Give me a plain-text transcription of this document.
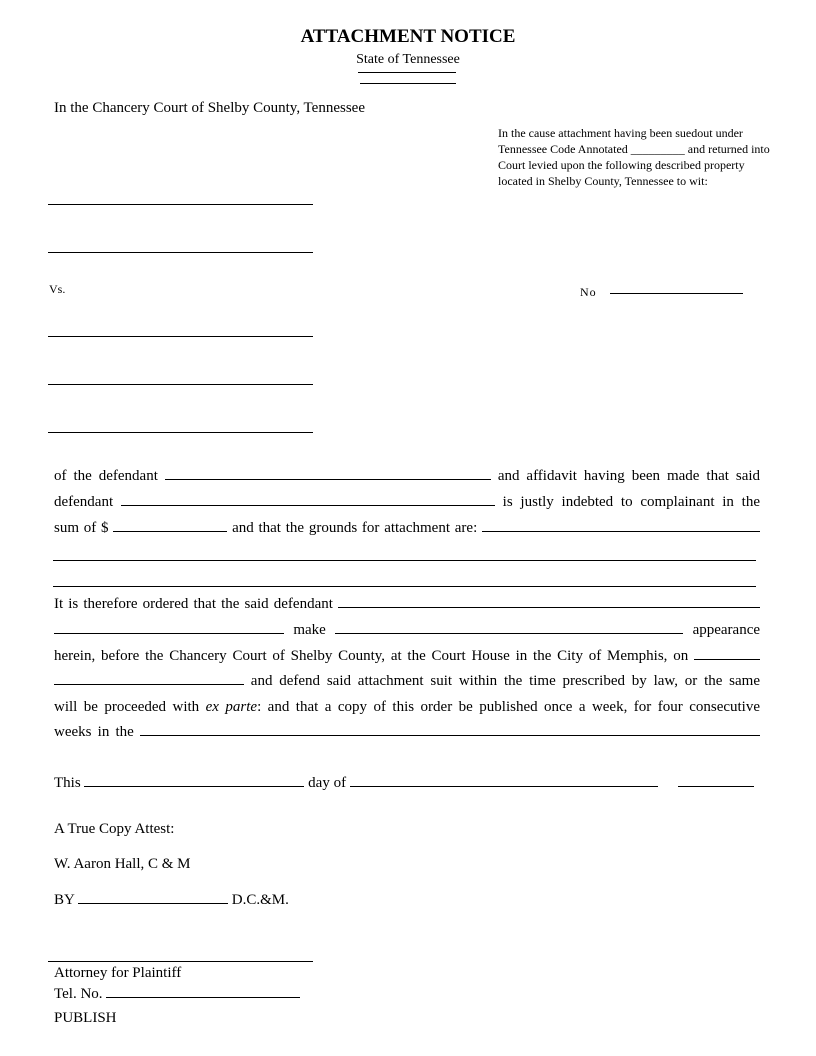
ATTACHMENT NOTICE
State of Tennessee
In the Chancery Court of Shelby County, Tennessee
In the cause attachment having been suedout under Tennessee Code Annotated _________ and returned into Court levied upon the following described property located in Shelby County, Tennessee to wit:
Vs.	No
of the defendant	and affidavit having been made that said
defendant	is justly indebted to complainant in the
sum of $	and that the grounds for attachment are:
It is therefore ordered that the said defendant
make	appearance
herein, before the Chancery Court of Shelby County, at the Court House in the City of Memphis, on
and defend said attachment suit within the time prescribed by law, or the same
will be proceeded with ex parte: and that a copy of this order be published once a week, for four consecutive
weeks in the
This	day of
A True Copy Attest:
W. Aaron Hall, C & M
BY	D.C.&M.
Attorney for Plaintiff
Tel. No.
PUBLISH
